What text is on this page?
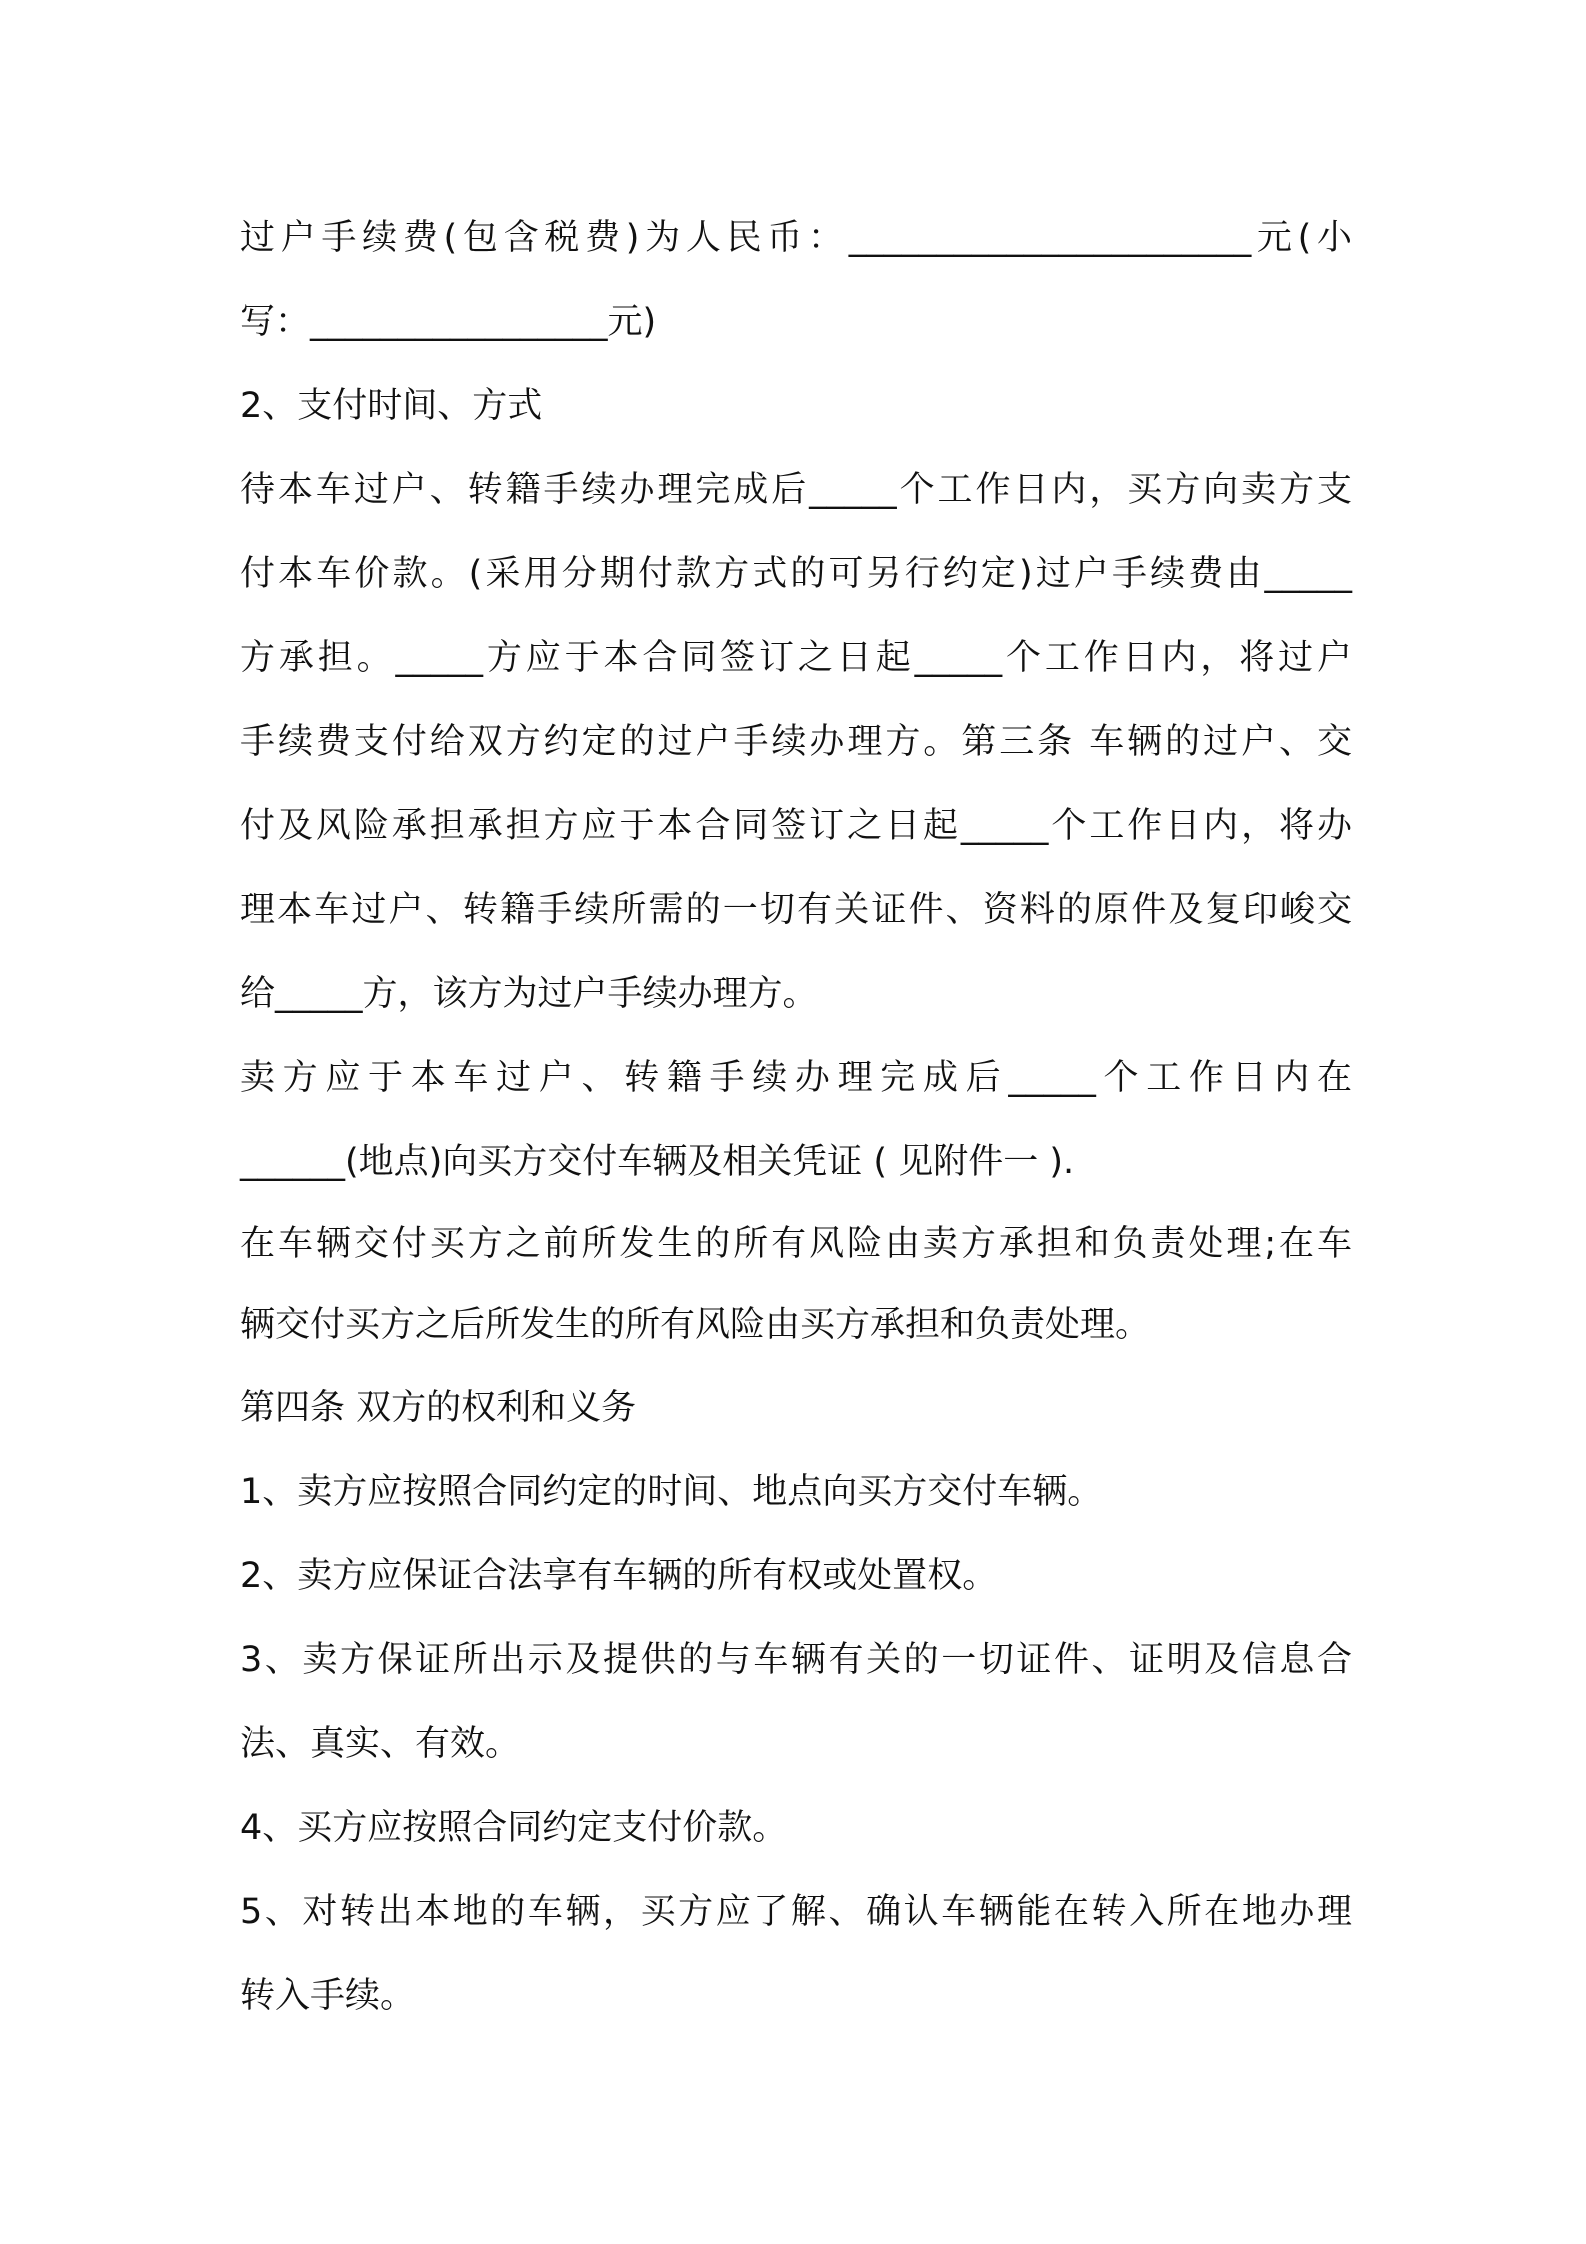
过户手续费(包含税费)为人民币：_______________________元(小
写：_________________元)
2、支付时间、方式
待本车过户、转籍手续办理完成后_____个工作日内，买方向卖方支
付本车价款。(采用分期付款方式的可另行约定)过户手续费由_____
方承担。_____方应于本合同签订之日起_____个工作日内，将过户
手续费支付给双方约定的过户手续办理方。第三条 车辆的过户、交
付及风险承担承担方应于本合同签订之日起_____个工作日内，将办
理本车过户、转籍手续所需的一切有关证件、资料的原件及复印峻交
给_____方，该方为过户手续办理方。
卖方应于本车过户、转籍手续办理完成后_____个工作日内在
______(地点)向买方交付车辆及相关凭证 ( 见附件一 ).
在车辆交付买方之前所发生的所有风险由卖方承担和负责处理;在车
辆交付买方之后所发生的所有风险由买方承担和负责处理。
第四条 双方的权利和义务
1、卖方应按照合同约定的时间、地点向买方交付车辆。
2、卖方应保证合法享有车辆的所有权或处置权。
3、卖方保证所出示及提供的与车辆有关的一切证件、证明及信息合
法、真实、有效。
4、买方应按照合同约定支付价款。
5、对转出本地的车辆，买方应了解、确认车辆能在转入所在地办理
转入手续。
